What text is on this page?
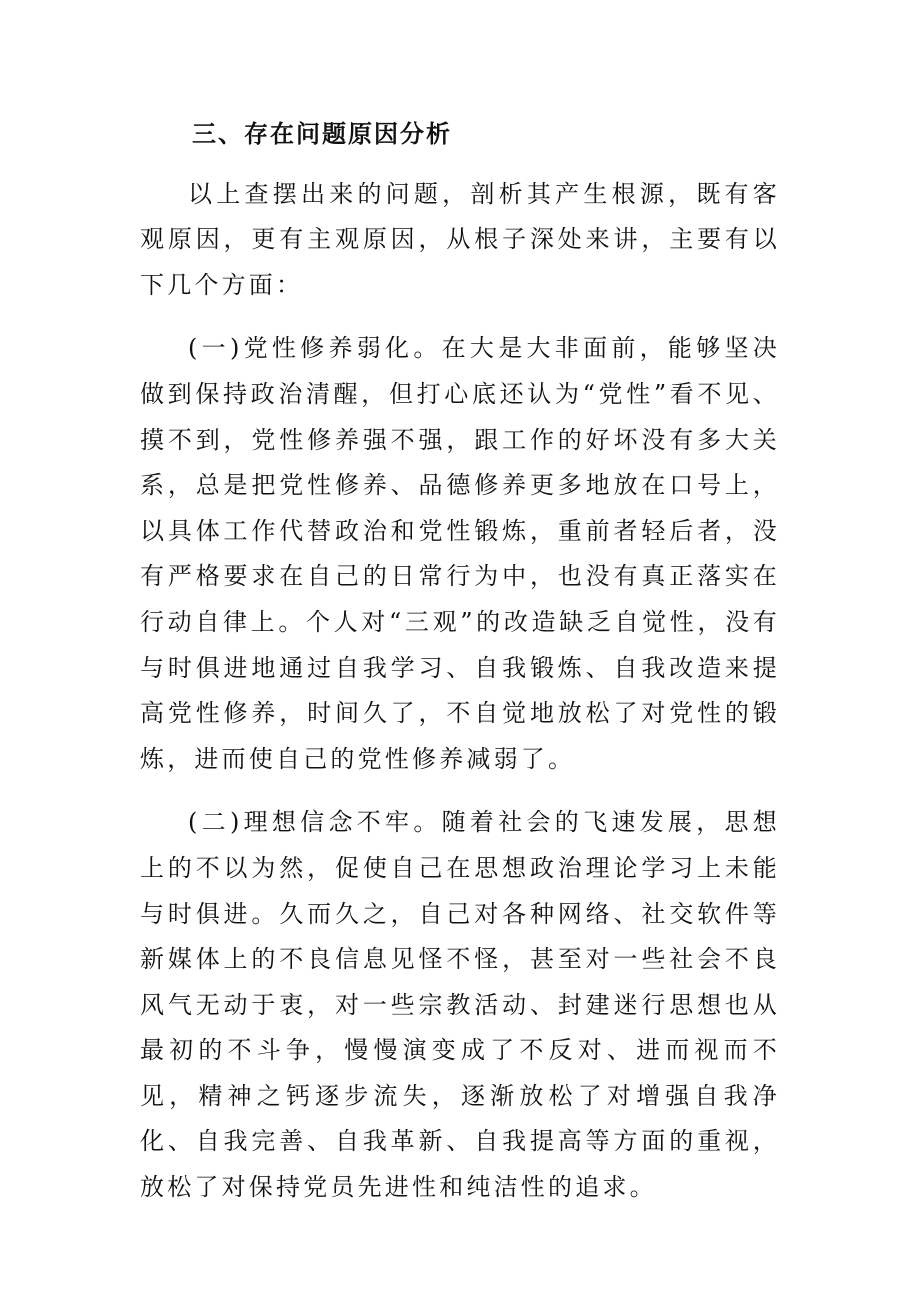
三、存在问题原因分析

以上查摆出来的问题，剖析其产生根源，既有客观原因，更有主观原因，从根子深处来讲，主要有以下几个方面：

(一)党性修养弱化。在大是大非面前，能够坚决做到保持政治清醒，但打心底还认为“党性”看不见、摸不到，党性修养强不强，跟工作的好坏没有多大关系，总是把党性修养、品德修养更多地放在口号上，以具体工作代替政治和党性锻炼，重前者轻后者，没有严格要求在自己的日常行为中，也没有真正落实在行动自律上。个人对“三观”的改造缺乏自觉性，没有与时俱进地通过自我学习、自我锻炼、自我改造来提高党性修养，时间久了，不自觉地放松了对党性的锻炼，进而使自己的党性修养减弱了。

(二)理想信念不牢。随着社会的飞速发展，思想上的不以为然，促使自己在思想政治理论学习上未能与时俱进。久而久之，自己对各种网络、社交软件等新媒体上的不良信息见怪不怪，甚至对一些社会不良风气无动于衷，对一些宗教活动、封建迷行思想也从最初的不斗争，慢慢演变成了不反对、进而视而不见，精神之钙逐步流失，逐渐放松了对增强自我净化、自我完善、自我革新、自我提高等方面的重视，放松了对保持党员先进性和纯洁性的追求。
